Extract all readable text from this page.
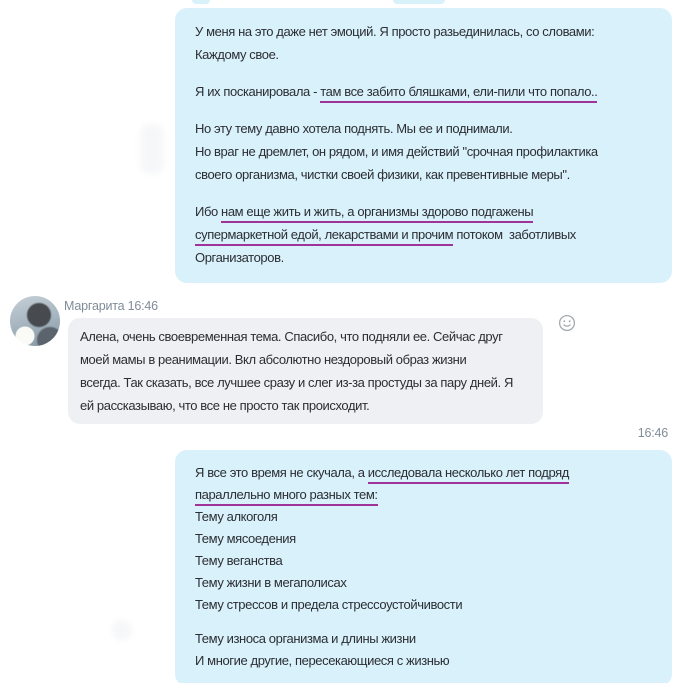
У меня на это даже нет эмоций. Я просто разьединилась, со словами:
Каждому свое.
Я их посканировала - там все забито бляшками, ели-пили что попало..
Но эту тему давно хотела поднять. Мы ее и поднимали.
Но враг не дремлет, он рядом, и имя действий "срочная профилактика
своего организма, чистки своей физики, как превентивные меры".
Ибо нам еще жить и жить, а организмы здорово подгажены
супермаркетной едой, лекарствами и прочим потоком  заботливых
Организаторов.
Маргарита 16:46
Алена, очень своевременная тема. Спасибо, что подняли ее. Сейчас друг
моей мамы в реанимации. Вкл абсолютно нездоровый образ жизни
всегда. Так сказать, все лучшее сразу и слег из-за простуды за пару дней. Я
ей рассказываю, что все не просто так происходит.
16:46
Я все это время не скучала, а исследовала несколько лет подряд
параллельно много разных тем:
Тему алкоголя
Тему мясоедения
Тему веганства
Тему жизни в мегаполисах
Тему стрессов и предела стрессоустойчивости
Тему износа организма и длины жизни
И многие другие, пересекающиеся с жизнью
